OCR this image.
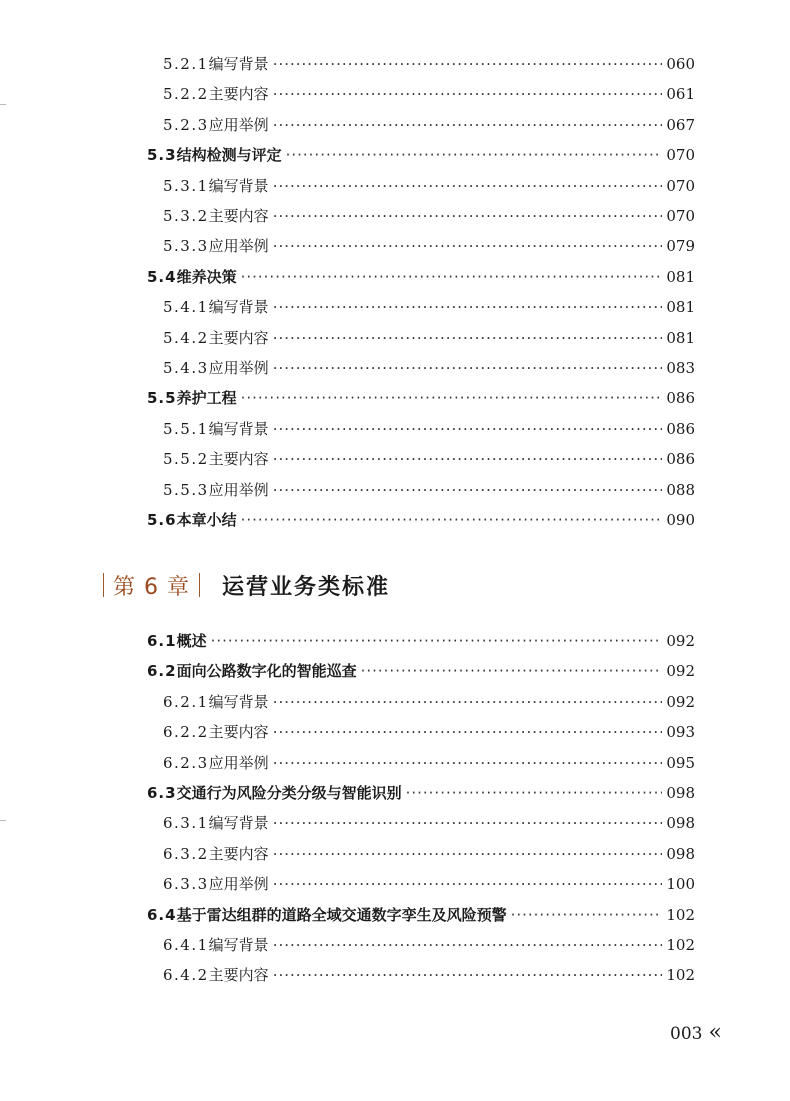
5.2.1 编写背景 ·····	060
5.2.2 主要内容 ·····	061
5.2.3 应用举例 ·····	067
5.3 结构检测与评定 ·····	070
5.3.1 编写背景 ·····	070
5.3.2 主要内容 ·····	070
5.3.3 应用举例 ·····	079
5.4 维养决策 ·····	081
5.4.1 编写背景 ·····	081
5.4.2 主要内容 ·····	081
5.4.3 应用举例 ·····	083
5.5 养护工程 ·····	086
5.5.1 编写背景 ·····	086
5.5.2 主要内容 ·····	086
5.5.3 应用举例 ·····	088
5.6 本章小结 ·····	090
第 6 章	运营业务类标准
6.1 概述 ·····	092
6.2 面向公路数字化的智能巡查 ·····	092
6.2.1 编写背景 ·····	092
6.2.2 主要内容 ·····	093
6.2.3 应用举例 ·····	095
6.3 交通行为风险分类分级与智能识别 ·····	098
6.3.1 编写背景 ·····	098
6.3.2 主要内容 ·····	098
6.3.3 应用举例 ·····	100
6.4 基于雷达组群的道路全域交通数字孪生及风险预警 ·····	102
6.4.1 编写背景 ·····	102
6.4.2 主要内容 ·····	102
003 «
